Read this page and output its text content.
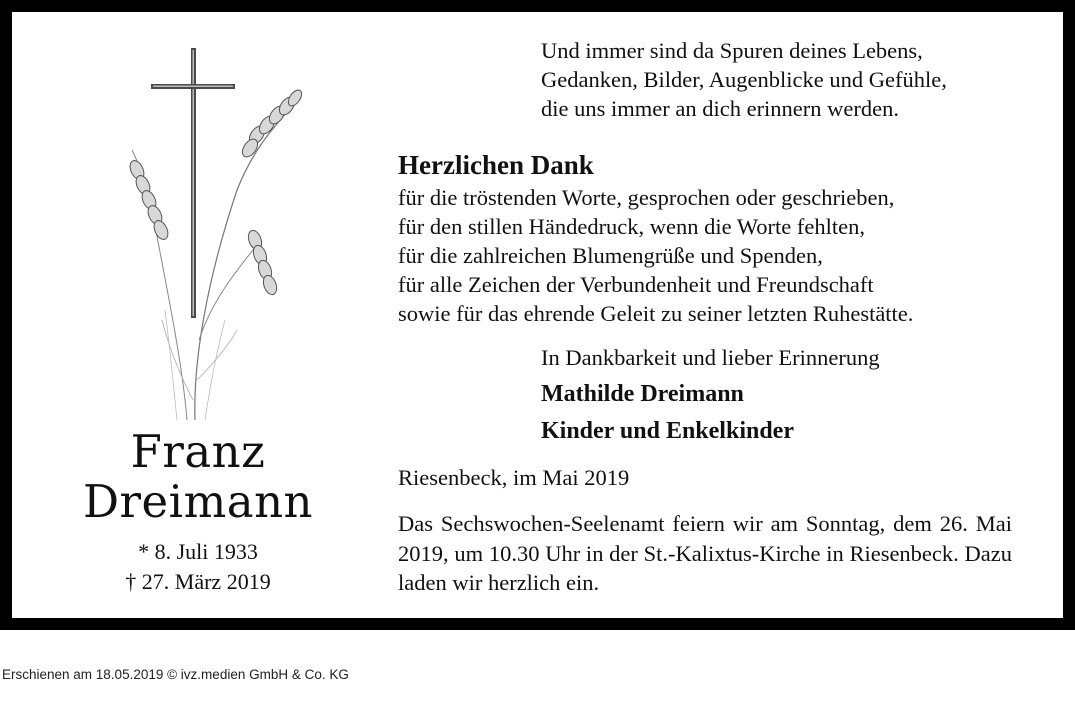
Franz
Dreimann
* 8. Juli 1933
† 27. März 2019
Und immer sind da Spuren deines Lebens,
Gedanken, Bilder, Augenblicke und Gefühle,
die uns immer an dich erinnern werden.
Herzlichen Dank
für die tröstenden Worte, gesprochen oder geschrieben,
für den stillen Händedruck, wenn die Worte fehlten,
für die zahlreichen Blumengrüße und Spenden,
für alle Zeichen der Verbundenheit und Freundschaft
sowie für das ehrende Geleit zu seiner letzten Ruhestätte.
In Dankbarkeit und lieber Erinnerung
Mathilde Dreimann
Kinder und Enkelkinder
Riesenbeck, im Mai 2019
Das Sechswochen-Seelenamt feiern wir am Sonntag, dem 26. Mai 2019, um 10.30 Uhr in der St.-Kalixtus-Kirche in Riesenbeck. Dazu laden wir herzlich ein.
Erschienen am 18.05.2019 © ivz.medien GmbH & Co. KG
